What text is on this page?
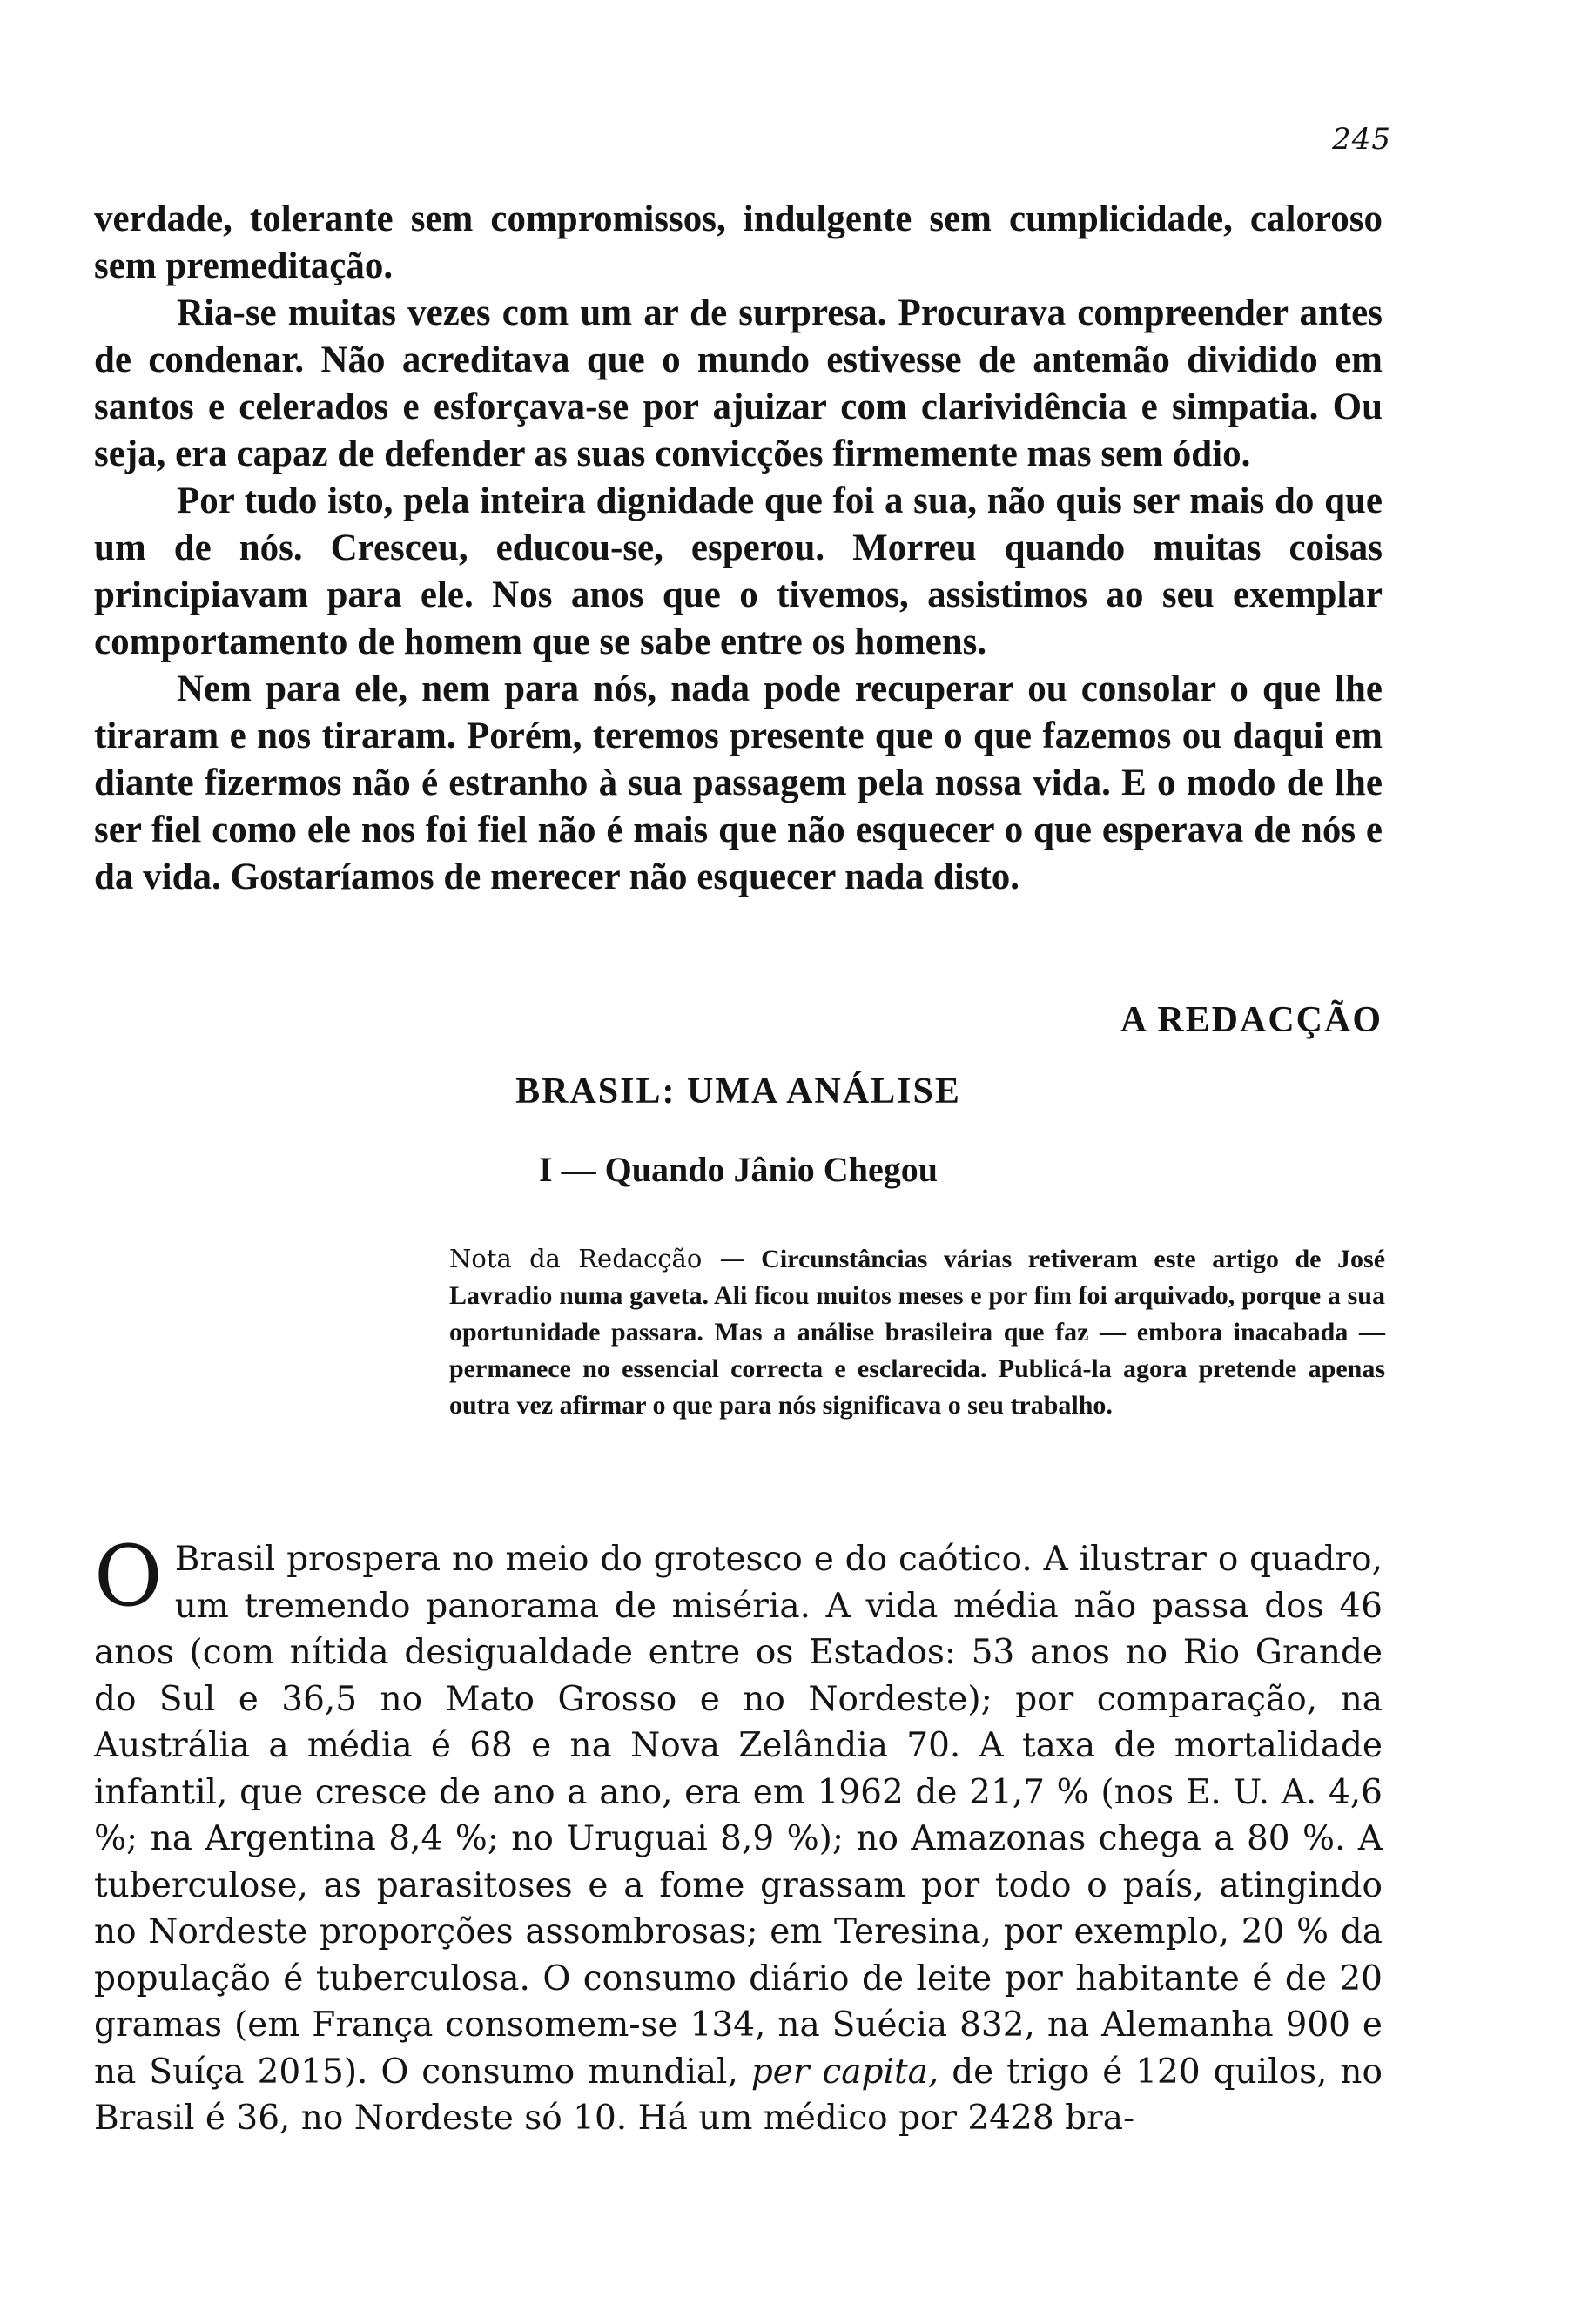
245

verdade, tolerante sem compromissos, indulgente sem cumplicidade, caloroso sem premeditação.

Ria-se muitas vezes com um ar de surpresa. Procurava compreender antes de condenar. Não acreditava que o mundo estivesse de antemão dividido em santos e celerados e esforçava-se por ajuizar com clarividência e simpatia. Ou seja, era capaz de defender as suas convicções firmemente mas sem ódio.

Por tudo isto, pela inteira dignidade que foi a sua, não quis ser mais do que um de nós. Cresceu, educou-se, esperou. Morreu quando muitas coisas principiavam para ele. Nos anos que o tivemos, assistimos ao seu exemplar comportamento de homem que se sabe entre os homens.

Nem para ele, nem para nós, nada pode recuperar ou consolar o que lhe tiraram e nos tiraram. Porém, teremos presente que o que fazemos ou daqui em diante fizermos não é estranho à sua passagem pela nossa vida. E o modo de lhe ser fiel como ele nos foi fiel não é mais que não esquecer o que esperava de nós e da vida. Gostaríamos de merecer não esquecer nada disto.

A REDACÇÃO
BRASIL: UMA ANÁLISE
I — Quando Jânio Chegou
Nota da Redacção — Circunstâncias várias retiveram este artigo de José Lavradio numa gaveta. Ali ficou muitos meses e por fim foi arquivado, porque a sua oportunidade passara. Mas a análise brasileira que faz — embora inacabada — permanece no essencial correcta e esclarecida. Publicá-la agora pretende apenas outra vez afirmar o que para nós significava o seu trabalho.
O Brasil prospera no meio do grotesco e do caótico. A ilustrar o quadro, um tremendo panorama de miséria. A vida média não passa dos 46 anos (com nítida desigualdade entre os Estados: 53 anos no Rio Grande do Sul e 36,5 no Mato Grosso e no Nordeste); por comparação, na Austrália a média é 68 e na Nova Zelândia 70. A taxa de mortalidade infantil, que cresce de ano a ano, era em 1962 de 21,7 % (nos E. U. A. 4,6 %; na Argentina 8,4 %; no Uruguai 8,9 %); no Amazonas chega a 80 %. A tuberculose, as parasitoses e a fome grassam por todo o país, atingindo no Nordeste proporções assombrosas; em Teresina, por exemplo, 20 % da população é tuberculosa. O consumo diário de leite por habitante é de 20 gramas (em França consomem-se 134, na Suécia 832, na Alemanha 900 e na Suíça 2015). O consumo mundial, per capita, de trigo é 120 quilos, no Brasil é 36, no Nordeste só 10. Há um médico por 2428 bra-
